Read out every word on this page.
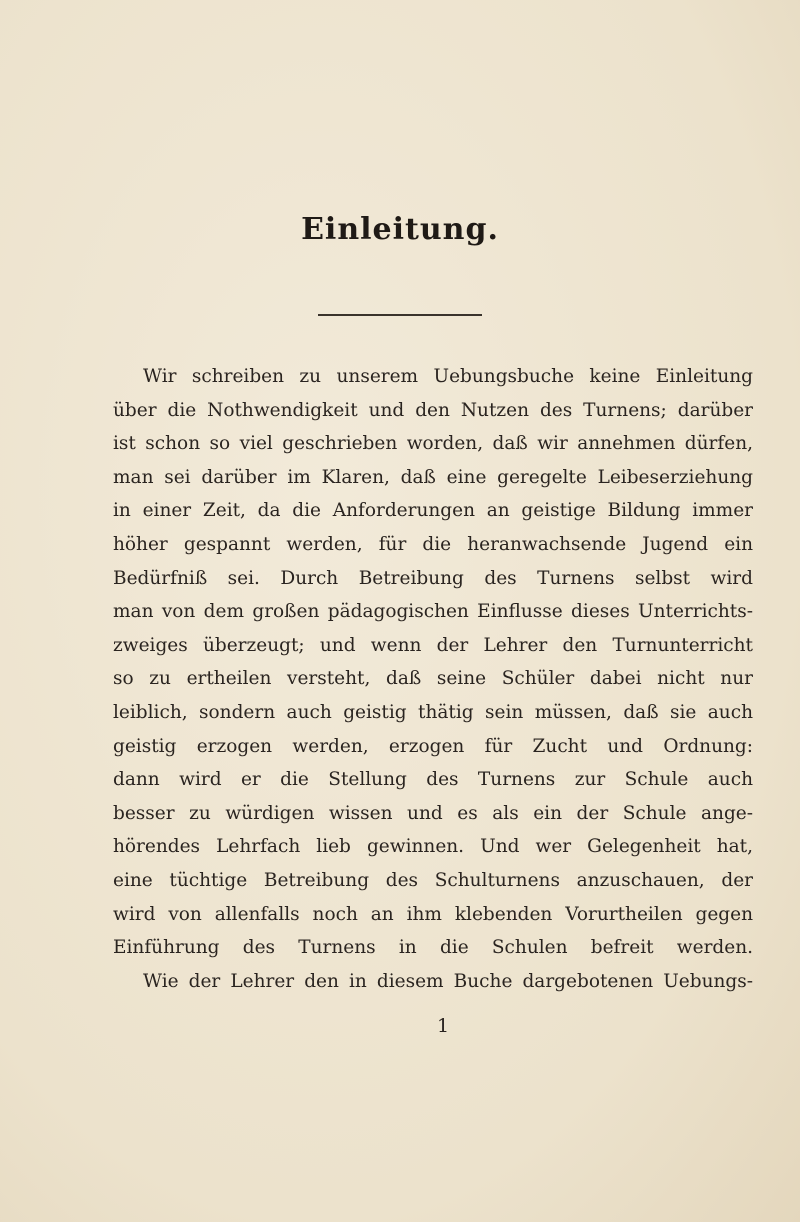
Einleitung.
Wir schreiben zu unserem Uebungsbuche keine Einleitung
über die Nothwendigkeit und den Nutzen des Turnens; darüber
ist schon so viel geschrieben worden, daß wir annehmen dürfen,
man sei darüber im Klaren, daß eine geregelte Leibeserziehung
in einer Zeit, da die Anforderungen an geistige Bildung immer
höher gespannt werden, für die heranwachsende Jugend ein
Bedürfniß sei. Durch Betreibung des Turnens selbst wird
man von dem großen pädagogischen Einflusse dieses Unterrichts-
zweiges überzeugt; und wenn der Lehrer den Turnunterricht
so zu ertheilen versteht, daß seine Schüler dabei nicht nur
leiblich, sondern auch geistig thätig sein müssen, daß sie auch
geistig erzogen werden, erzogen für Zucht und Ordnung:
dann wird er die Stellung des Turnens zur Schule auch
besser zu würdigen wissen und es als ein der Schule ange-
hörendes Lehrfach lieb gewinnen. Und wer Gelegenheit hat,
eine tüchtige Betreibung des Schulturnens anzuschauen, der
wird von allenfalls noch an ihm klebenden Vorurtheilen gegen
Einführung des Turnens in die Schulen befreit werden.
Wie der Lehrer den in diesem Buche dargebotenen Uebungs-
1
